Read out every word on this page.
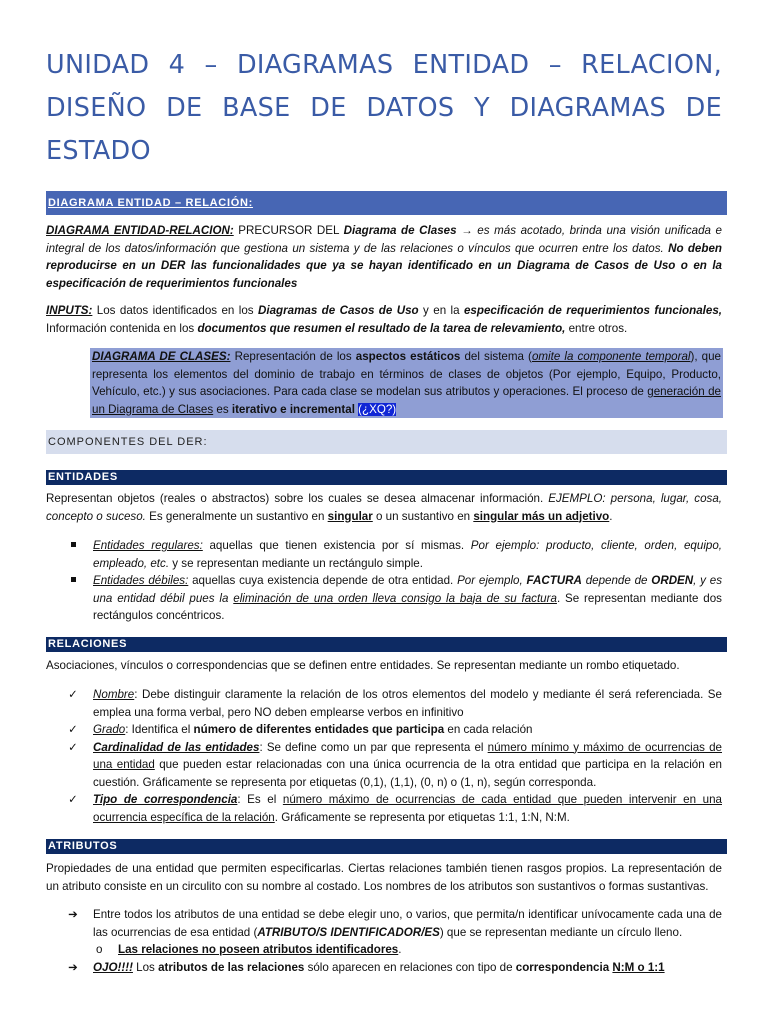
UNIDAD 4 – DIAGRAMAS ENTIDAD – RELACION, DISEÑO DE BASE DE DATOS Y DIAGRAMAS DE ESTADO
DIAGRAMA ENTIDAD – RELACIÓN:
DIAGRAMA ENTIDAD-RELACION: PRECURSOR DEL Diagrama de Clases → es más acotado, brinda una visión unificada e integral de los datos/información que gestiona un sistema y de las relaciones o vínculos que ocurren entre los datos. No deben reproducirse en un DER las funcionalidades que ya se hayan identificado en un Diagrama de Casos de Uso o en la especificación de requerimientos funcionales
INPUTS: Los datos identificados en los Diagramas de Casos de Uso y en la especificación de requerimientos funcionales, Información contenida en los documentos que resumen el resultado de la tarea de relevamiento, entre otros.
DIAGRAMA DE CLASES: Representación de los aspectos estáticos del sistema (omite la componente temporal), que representa los elementos del dominio de trabajo en términos de clases de objetos (Por ejemplo, Equipo, Producto, Vehículo, etc.) y sus asociaciones. Para cada clase se modelan sus atributos y operaciones. El proceso de generación de un Diagrama de Clases es iterativo e incremental (¿XQ?)
COMPONENTES DEL DER:
ENTIDADES
Representan objetos (reales o abstractos) sobre los cuales se desea almacenar información. EJEMPLO: persona, lugar, cosa, concepto o suceso. Es generalmente un sustantivo en singular o un sustantivo en singular más un adjetivo.
Entidades regulares: aquellas que tienen existencia por sí mismas. Por ejemplo: producto, cliente, orden, equipo, empleado, etc. y se representan mediante un rectángulo simple.
Entidades débiles: aquellas cuya existencia depende de otra entidad. Por ejemplo, FACTURA depende de ORDEN, y es una entidad débil pues la eliminación de una orden lleva consigo la baja de su factura. Se representan mediante dos rectángulos concéntricos.
RELACIONES
Asociaciones, vínculos o correspondencias que se definen entre entidades. Se representan mediante un rombo etiquetado.
✓ Nombre: Debe distinguir claramente la relación de los otros elementos del modelo y mediante él será referenciada. Se emplea una forma verbal, pero NO deben emplearse verbos en infinitivo
✓ Grado: Identifica el número de diferentes entidades que participa en cada relación
✓ Cardinalidad de las entidades: Se define como un par que representa el número mínimo y máximo de ocurrencias de una entidad que pueden estar relacionadas con una única ocurrencia de la otra entidad que participa en la relación en cuestión. Gráficamente se representa por etiquetas (0,1), (1,1), (0, n) o (1, n), según corresponda.
✓ Tipo de correspondencia: Es el número máximo de ocurrencias de cada entidad que pueden intervenir en una ocurrencia específica de la relación. Gráficamente se representa por etiquetas 1:1, 1:N, N:M.
ATRIBUTOS
Propiedades de una entidad que permiten especificarlas. Ciertas relaciones también tienen rasgos propios. La representación de un atributo consiste en un circulito con su nombre al costado. Los nombres de los atributos son sustantivos o formas sustantivas.
➔ Entre todos los atributos de una entidad se debe elegir uno, o varios, que permita/n identificar unívocamente cada una de las ocurrencias de esa entidad (ATRIBUTO/S IDENTIFICADOR/ES) que se representan mediante un círculo lleno.
o Las relaciones no poseen atributos identificadores.
➔ OJO!!!! Los atributos de las relaciones sólo aparecen en relaciones con tipo de correspondencia N:M o 1:1
